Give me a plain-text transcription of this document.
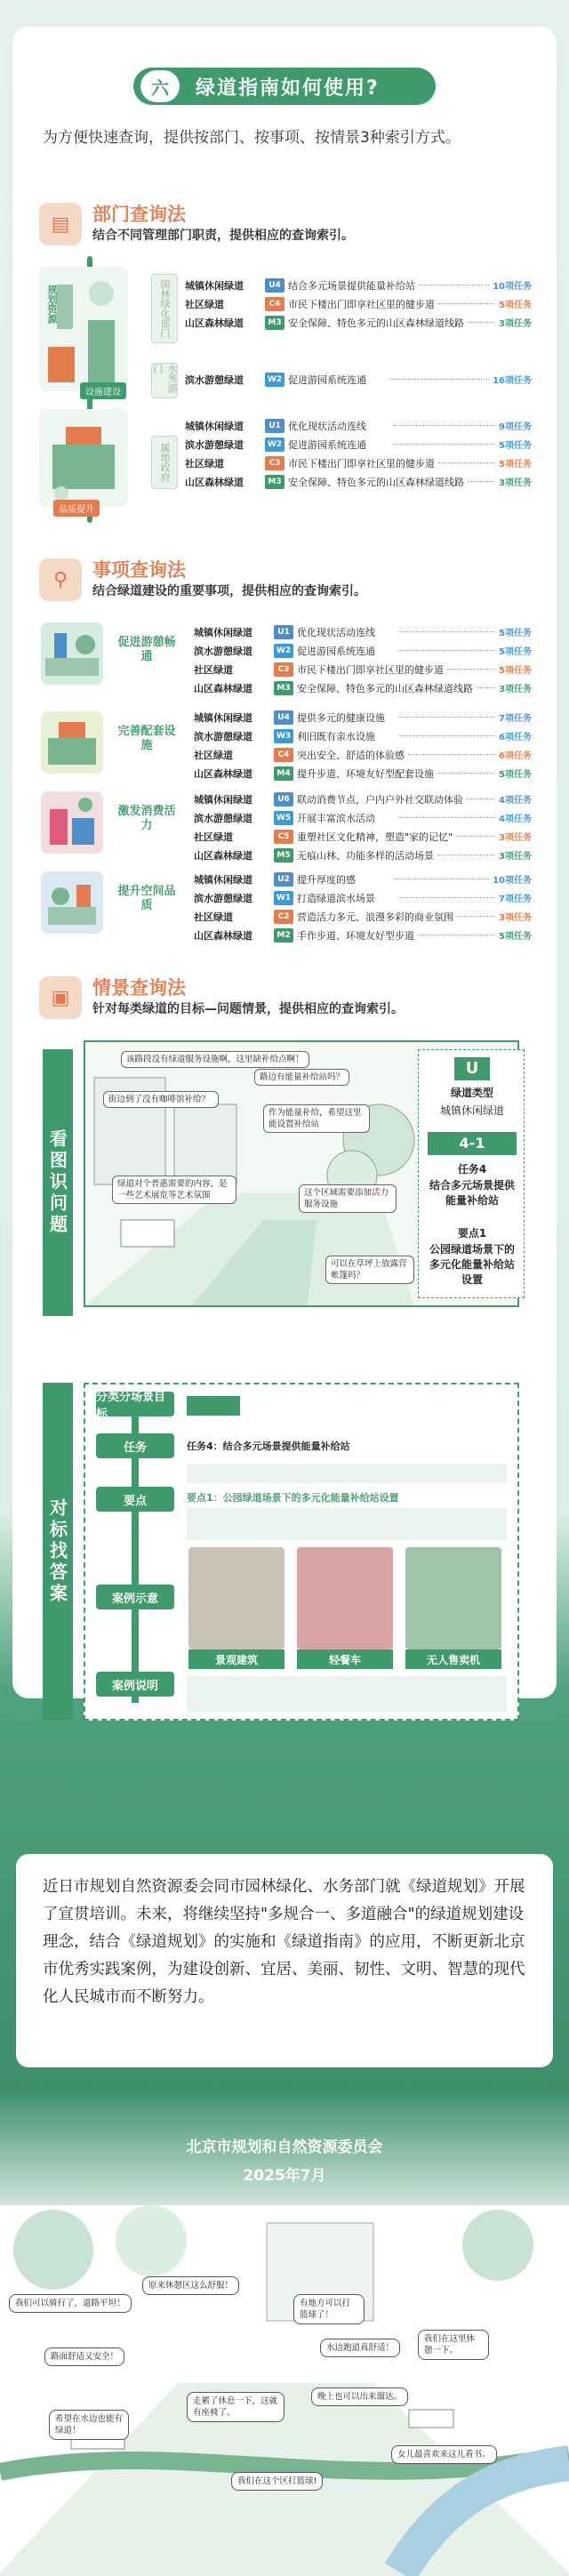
六	绿道指南如何使用?
为方便快速查询，提供按部门、按事项、按情景3种索引方式。
▤	部门查询法
结合不同管理部门职责，提供相应的查询索引。
规划资源
设施建设
园林绿化部门
水务部门
属地政府
品质提升
城镇休闲绿道	U4 结合多元场景提供能量补给站	10项任务
社区绿道	C4 市民下楼出门即享社区里的健步道	5项任务
山区森林绿道	M3 安全保障、特色多元的山区森林绿道线路	3项任务
滨水游憩绿道	W2 促进游园系统连通	16项任务
城镇休闲绿道	U1 优化现状活动连线	9项任务
滨水游憩绿道	W2 促进游园系统连通	5项任务
社区绿道	C3 市民下楼出门即享社区里的健步道	5项任务
山区森林绿道	M3 安全保障、特色多元的山区森林绿道线路	3项任务
⚲	事项查询法
结合绿道建设的重要事项，提供相应的查询索引。
促进游憩畅通
城镇休闲绿道	U1 优化现状活动连线	5项任务
滨水游憩绿道	W2 促进游园系统连通	5项任务
社区绿道	C3 市民下楼出门即享社区里的健步道	5项任务
山区森林绿道	M3 安全保障、特色多元的山区森林绿道线路	3项任务
完善配套设施
城镇休闲绿道	U4 提供多元的健康设施	7项任务
滨水游憩绿道	W3 利旧既有亲水设施	6项任务
社区绿道	C4 突出安全、舒适的体验感	6项任务
山区森林绿道	M4 提升步道、环境友好型配套设施	5项任务
激发消费活力
城镇休闲绿道	U6 联动消费节点，户内户外社交联动体验	4项任务
滨水游憩绿道	W5 开展丰富滨水活动	4项任务
社区绿道	C5 重塑社区文化精神，塑造"家的记忆"	3项任务
山区森林绿道	M5 无痕山林、功能多样的活动场景	3项任务
提升空间品质
城镇休闲绿道	U2 提升厚度的感	10项任务
滨水游憩绿道	W1 打造绿道滨水场景	7项任务
社区绿道	C2 营造活力多元、浪漫多彩的商业氛围	3项任务
山区森林绿道	M2 手作步道、环境友好型步道	5项任务
▣	情景查询法
针对每类绿道的目标—问题情景，提供相应的查询索引。
看图识问题
该路段没有绿道服务设施啊，这里缺补给点啊！
街边到了没有咖啡馆补给？
路边有能量补给站吗？
作为能量补给，希望这里能设置补给站
绿道对个普惠需要的内容，是一些艺术展览等艺术氛围	这个区域需要添加活力服务设施
可以在草坪上放露营帐篷吗？
U
绿道类型
城镇休闲绿道
4-1
任务4
结合多元场景提供能量补给站
要点1
公园绿道场景下的多元化能量补给站设置
对标找答案
分类分场景目标
任务
要点
案例示意
案例说明
任务4：结合多元场景提供能量补给站
要点1：公园绿道场景下的多元化能量补给站设置
景观建筑	轻餐车	无人售卖机
近日市规划自然资源委会同市园林绿化、水务部门就《绿道规划》开展了宣贯培训。未来，将继续坚持"多规合一、多道融合"的绿道规划建设理念，结合《绿道规划》的实施和《绿道指南》的应用，不断更新北京市优秀实践案例，为建设创新、宜居、美丽、韧性、文明、智慧的现代化人民城市而不断努力。
北京市规划和自然资源委员会
2025年7月
我们可以骑行了，道路平坦！
路面舒适又安全！
原来休憩区这么舒服！
希望在水边也能有绿道！
水边跑道真舒适！
有地方可以打篮球了！
走累了休息一下，这就有座椅了。
晚上也可以出来溜达。
我们在这里休憩一下。
女儿最喜欢来这儿看书。
我们在这个区打篮球!
